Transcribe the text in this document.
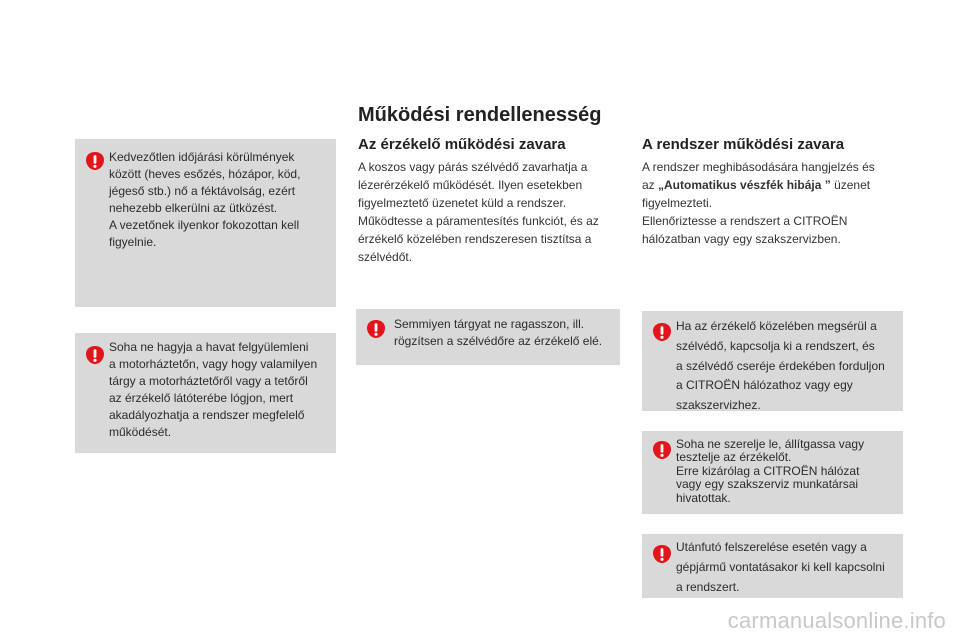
Működési rendellenesség
Kedvezőtlen időjárási körülmények
között (heves esőzés, hózápor, köd,
jégeső stb.) nő a féktávolság, ezért
nehezebb elkerülni az ütközést.
A vezetőnek ilyenkor fokozottan kell
figyelnie.
Soha ne hagyja a havat felgyülemleni
a motorháztetőn, vagy hogy valamilyen
tárgy a motorháztetőről vagy a tetőről
az érzékelő látóterébe lógjon, mert
akadályozhatja a rendszer megfelelő
működését.
Az érzékelő működési zavara
A koszos vagy párás szélvédő zavarhatja a
lézerérzékelő működését. Ilyen esetekben
figyelmeztető üzenetet küld a rendszer.
Működtesse a páramentesítés funkciót, és az
érzékelő közelében rendszeresen tisztítsa a
szélvédőt.
Semmiyen tárgyat ne ragasszon, ill.
rögzítsen a szélvédőre az érzékelő elé.
A rendszer működési zavara
A rendszer meghibásodására hangjelzés és
az „Automatikus vészfék hibája ” üzenet
figyelmezteti.
Ellenőriztesse a rendszert a CITROËN
hálózatban vagy egy szakszervizben.
Ha az érzékelő közelében megsérül a
szélvédő, kapcsolja ki a rendszert, és
a szélvédő cseréje érdekében forduljon
a CITROËN hálózathoz vagy egy
szakszervizhez.
Soha ne szerelje le, állítgassa vagy
tesztelje az érzékelőt.
Erre kizárólag a CITROËN hálózat
vagy egy szakszerviz munkatársai
hivatottak.
Utánfutó felszerelése esetén vagy a
gépjármű vontatásakor ki kell kapcsolni
a rendszert.
carmanualsonline.info
